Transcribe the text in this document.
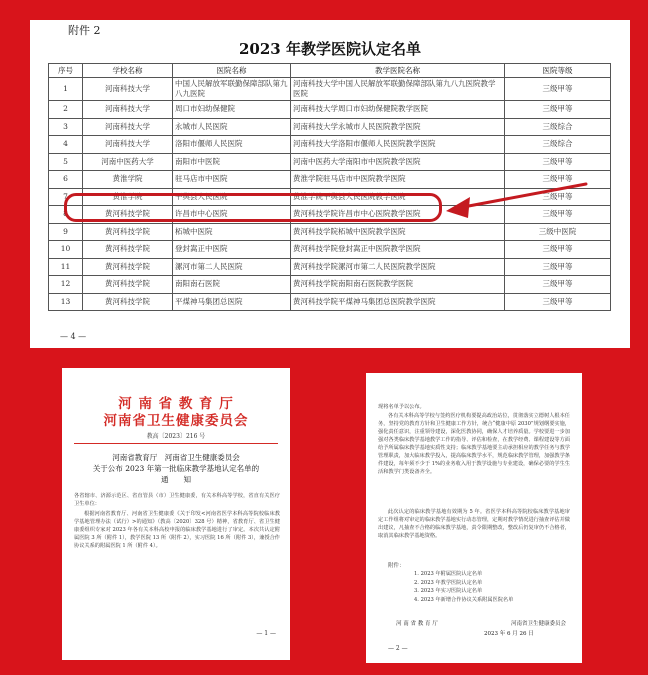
附件 2
2023 年教学医院认定名单
序号	学校名称	医院名称	教学医院名称	医院等级
1	河南科技大学	中国人民解放军联勤保障部队第九八九医院	河南科技大学中国人民解放军联勤保障部队第九八九医院教学医院	三级甲等
2	河南科技大学	周口市妇幼保健院	河南科技大学周口市妇幼保健院教学医院	三级甲等
3	河南科技大学	永城市人民医院	河南科技大学永城市人民医院教学医院	三级综合
4	河南科技大学	洛阳市偃师人民医院	河南科技大学洛阳市偃师人民医院教学医院	三级综合
5	河南中医药大学	南阳市中医院	河南中医药大学南阳市中医院教学医院	三级甲等
6	黄淮学院	驻马店市中医院	黄淮学院驻马店市中医院教学医院	三级甲等
7	黄淮学院	平舆县人民医院	黄淮学院平舆县人民医院教学医院	三级甲等
8	黄河科技学院	许昌市中心医院	黄河科技学院许昌市中心医院教学医院	三级甲等
9	黄河科技学院	柘城中医院	黄河科技学院柘城中医院教学医院	三级中医院
10	黄河科技学院	登封嵩正中医院	黄河科技学院登封嵩正中医院教学医院	三级甲等
11	黄河科技学院	漯河市第二人民医院	黄河科技学院漯河市第二人民医院教学医院	三级甲等
12	黄河科技学院	南阳南石医院	黄河科技学院南阳南石医院教学医院	三级甲等
13	黄河科技学院	平煤神马集团总医院	黄河科技学院平煤神马集团总医院教学医院	三级甲等
— 4 —
河 南 省 教 育 厅
河南省卫生健康委员会
教高〔2023〕216 号
河南省教育厅　河南省卫生健康委员会
关于公布 2023 年第一批临床教学基地认定名单的
通　　知

各省辖市、济源示范区、省直管县（市）卫生健康委，有关本科高等学校，省直有关医疗卫生单位：

根据河南省教育厅、河南省卫生健康委《关于印发<河南省医学本科高等院校临床教学基地管理办法（试行）>的通知》（教高〔2020〕328 号）精神，省教育厅、省卫生健康委组织专家对 2023 年各有关本科高校申报的临床教学基地进行了审定。本次共认定附属医院 3 所（附件 1），教学医院 13 所（附件 2），实习医院 16 所（附件 3），兼授合作协议关系的附属医院 1 所（附件 4）。

— 1 —

现将名单予以公布。

各有关本科高等学校与签约医疗机构要提高政治站位，贯彻落实立德树人根本任务，坚持党的教育方针和卫生健康工作方针，统合“健康中原 2030”规划纲要实施，强化责任意识，注重领导建设，深化医教协同，确保人才培养质量。学校要进一步加强对各类临床教学基地教学工作的指导、评估和检查，在教学经费、课程建设等方面给予所属临床教学基地实质性支持；临床教学基地要主动承担相应的教学任务与教学管理职责，加大临床教学投入，提高临床教学水平，规范临床教学管理，加强教学条件建设，每年须不少于 1%的业务收入用于教学设施与专业建设，确保必要的学生生活和教学门类设备齐全。

此次认定的临床教学基地有效期为 5 年。省医学本科高等院校临床教学基地审定工作组将对审定的临床教学基地实行动态管理，定期对教学情况进行抽查评估并做出建议，凡抽查不合格的临床教学基地，责令限期整改，整改后仍复审仍不合格者，取消其临床教学基地资格。

附件：
1. 2023 年附属医院认定名单
2. 2023 年教学医院认定名单
3. 2023 年实习医院认定名单
4. 2023 年新增合作协议关系附属医院名单
河 南 省 教 育 厅	河南省卫生健康委员会
2023 年 6 月 26 日
— 2 —
